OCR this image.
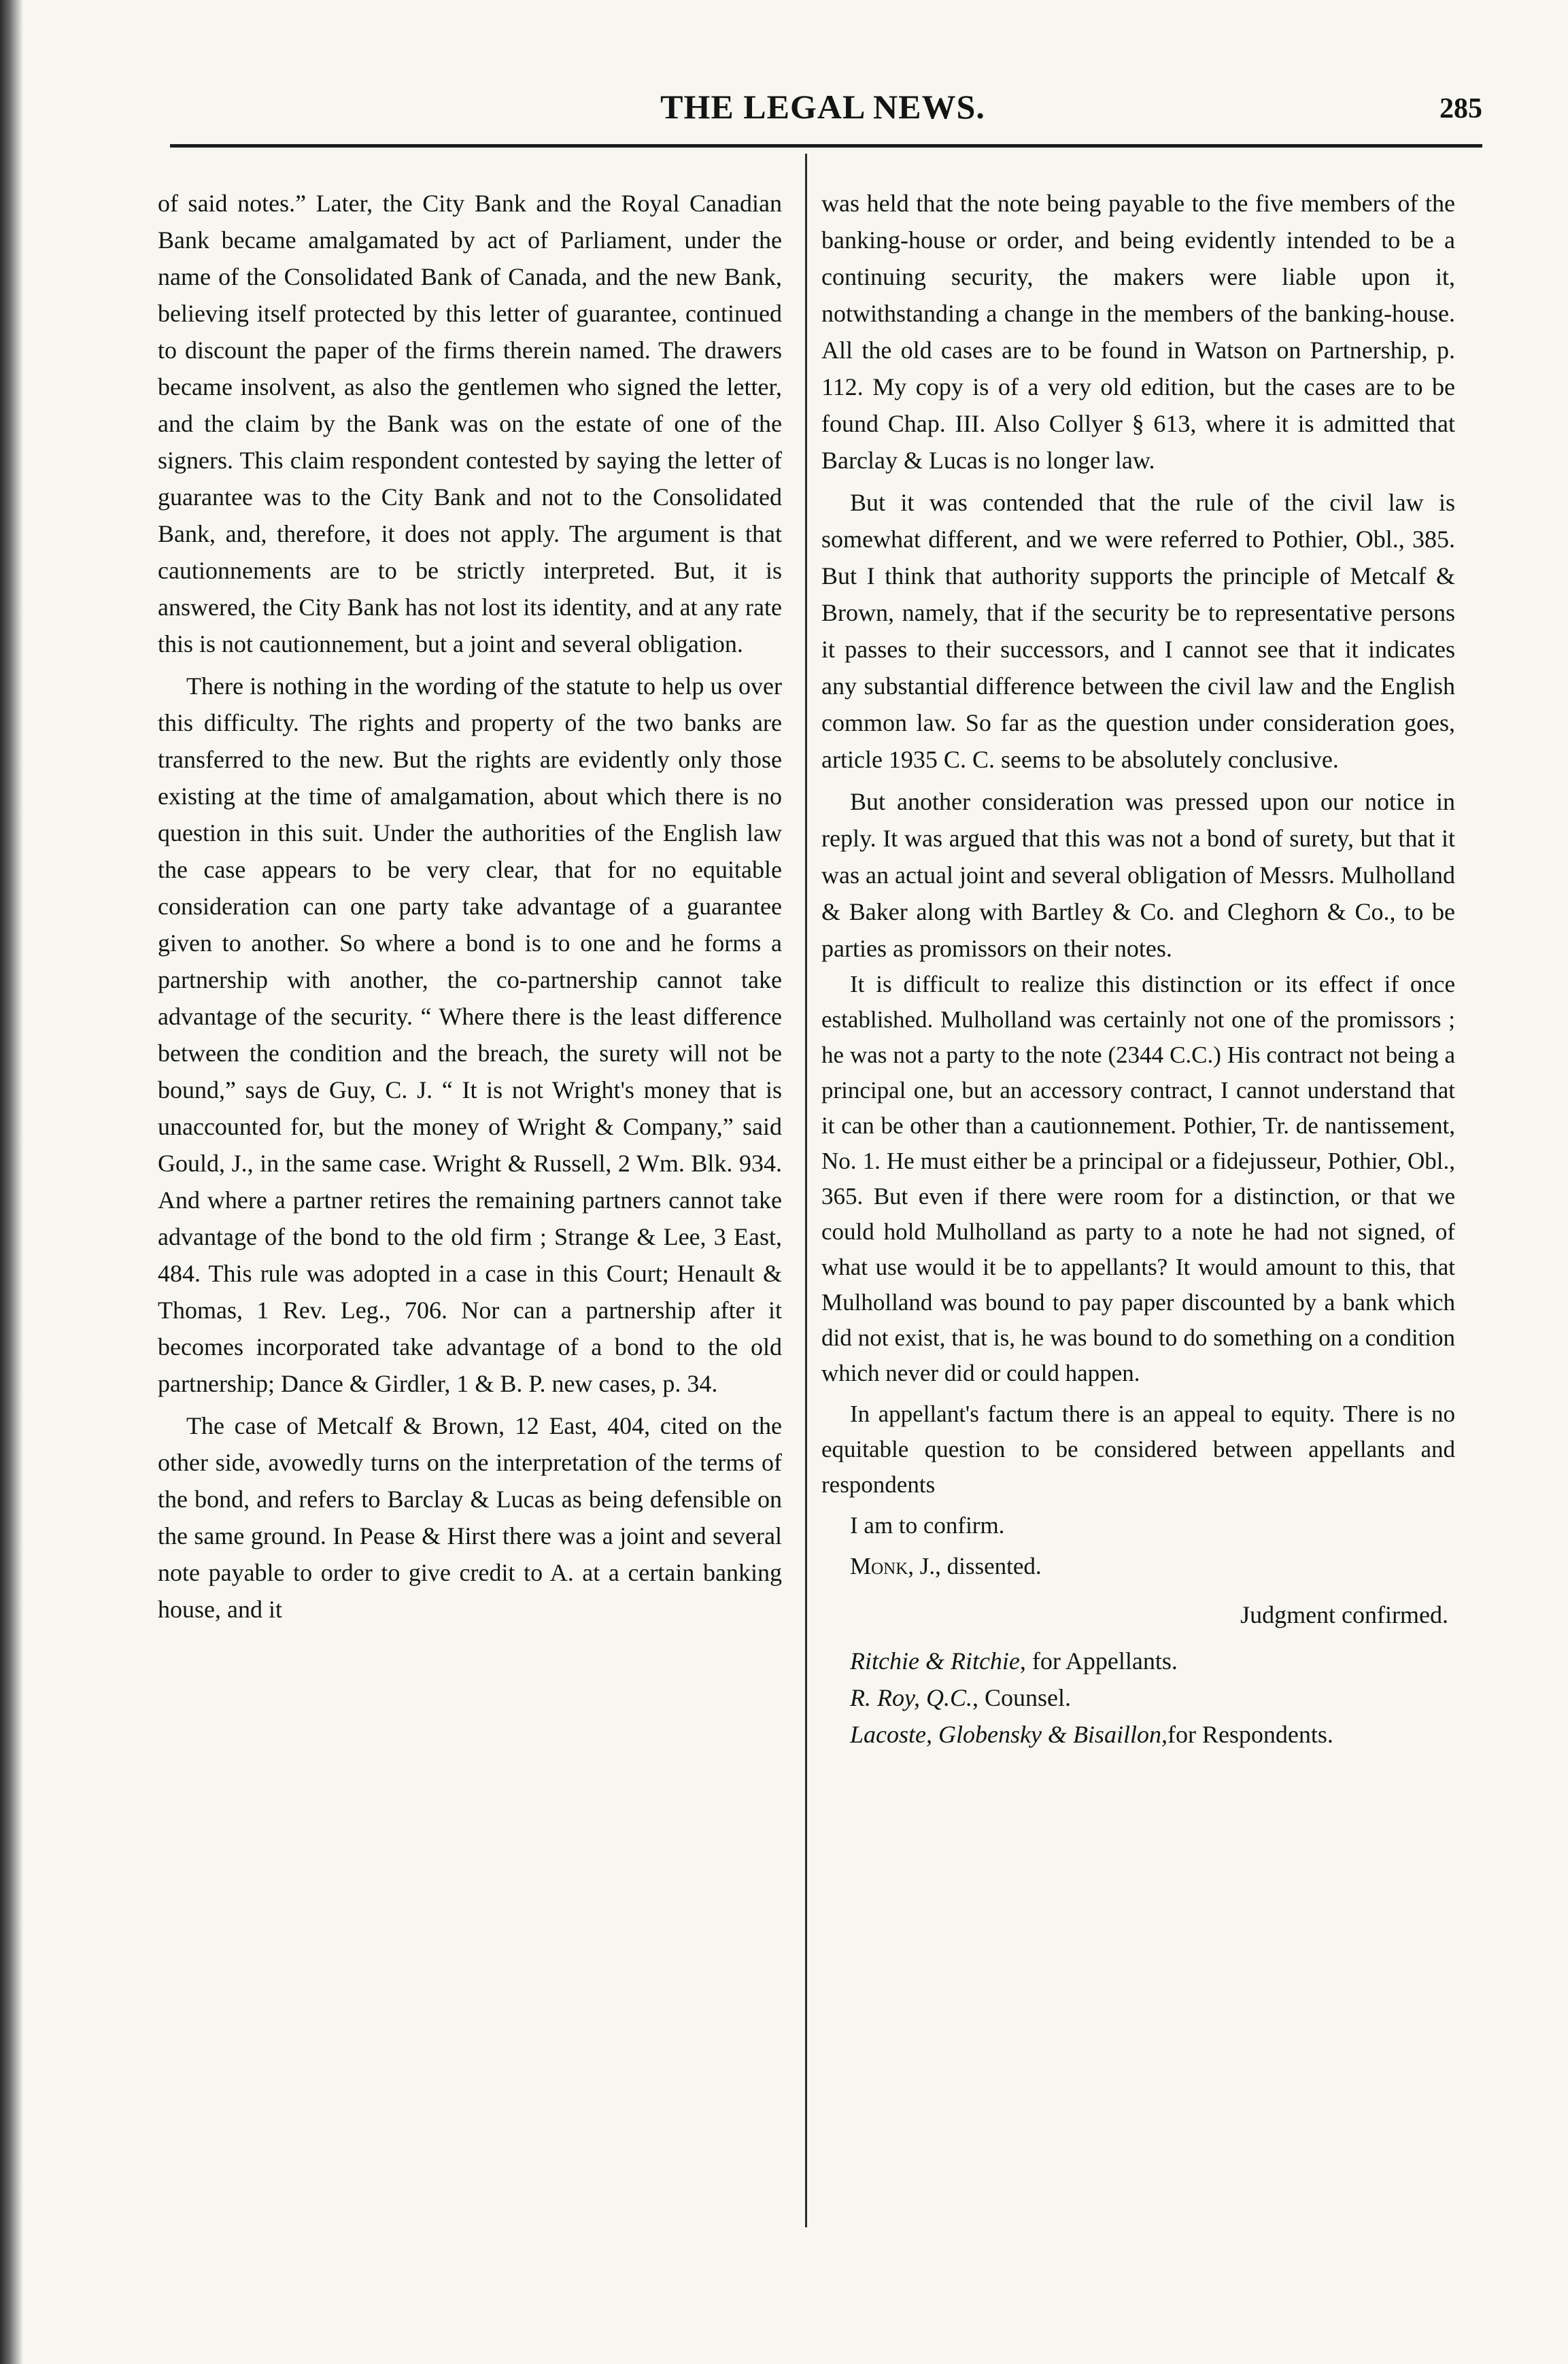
THE LEGAL NEWS.	285

of said notes.” Later, the City Bank and the Royal Canadian Bank became amalgamated by act of Parliament, under the name of the Consolidated Bank of Canada, and the new Bank, believing itself protected by this letter of guarantee, continued to discount the paper of the firms therein named. The drawers became insolvent, as also the gentlemen who signed the letter, and the claim by the Bank was on the estate of one of the signers. This claim respondent contested by saying the letter of guarantee was to the City Bank and not to the Consolidated Bank, and, therefore, it does not apply. The argument is that cautionnements are to be strictly interpreted. But, it is answered, the City Bank has not lost its identity, and at any rate this is not cautionnement, but a joint and several obligation.

There is nothing in the wording of the statute to help us over this difficulty. The rights and property of the two banks are transferred to the new. But the rights are evidently only those existing at the time of amalgamation, about which there is no question in this suit. Under the authorities of the English law the case appears to be very clear, that for no equitable consideration can one party take advantage of a guarantee given to another. So where a bond is to one and he forms a partnership with another, the co-partnership cannot take advantage of the security. “ Where there is the least difference between the condition and the breach, the surety will not be bound,” says de Guy, C. J. “ It is not Wright's money that is unaccounted for, but the money of Wright & Company,” said Gould, J., in the same case. Wright & Russell, 2 Wm. Blk. 934. And where a partner retires the remaining partners cannot take advantage of the bond to the old firm ; Strange & Lee, 3 East, 484. This rule was adopted in a case in this Court; Henault & Thomas, 1 Rev. Leg., 706. Nor can a partnership after it becomes incorporated take advantage of a bond to the old partnership; Dance & Girdler, 1 & B. P. new cases, p. 34.

The case of Metcalf & Brown, 12 East, 404, cited on the other side, avowedly turns on the interpretation of the terms of the bond, and refers to Barclay & Lucas as being defensible on the same ground. In Pease & Hirst there was a joint and several note payable to order to give credit to A. at a certain banking house, and it

was held that the note being payable to the five members of the banking-house or order, and being evidently intended to be a continuing security, the makers were liable upon it, notwithstanding a change in the members of the banking-house. All the old cases are to be found in Watson on Partnership, p. 112. My copy is of a very old edition, but the cases are to be found Chap. III. Also Collyer § 613, where it is admitted that Barclay & Lucas is no longer law.

But it was contended that the rule of the civil law is somewhat different, and we were referred to Pothier, Obl., 385. But I think that authority supports the principle of Metcalf & Brown, namely, that if the security be to representative persons it passes to their successors, and I cannot see that it indicates any substantial difference between the civil law and the English common law. So far as the question under consideration goes, article 1935 C. C. seems to be absolutely conclusive.

But another consideration was pressed upon our notice in reply. It was argued that this was not a bond of surety, but that it was an actual joint and several obligation of Messrs. Mulholland & Baker along with Bartley & Co. and Cleghorn & Co., to be parties as promissors on their notes.

It is difficult to realize this distinction or its effect if once established. Mulholland was certainly not one of the promissors ; he was not a party to the note (2344 C.C.) His contract not being a principal one, but an accessory contract, I cannot understand that it can be other than a cautionnement. Pothier, Tr. de nantissement, No. 1. He must either be a principal or a fidejusseur, Pothier, Obl., 365. But even if there were room for a distinction, or that we could hold Mulholland as party to a note he had not signed, of what use would it be to appellants? It would amount to this, that Mulholland was bound to pay paper discounted by a bank which did not exist, that is, he was bound to do something on a condition which never did or could happen.

In appellant's factum there is an appeal to equity. There is no equitable question to be considered between appellants and respondents

I am to confirm.

Monk, J., dissented.

Judgment confirmed.

Ritchie & Ritchie, for Appellants.

R. Roy, Q.C., Counsel.

Lacoste, Globensky & Bisaillon,for Respondents.
